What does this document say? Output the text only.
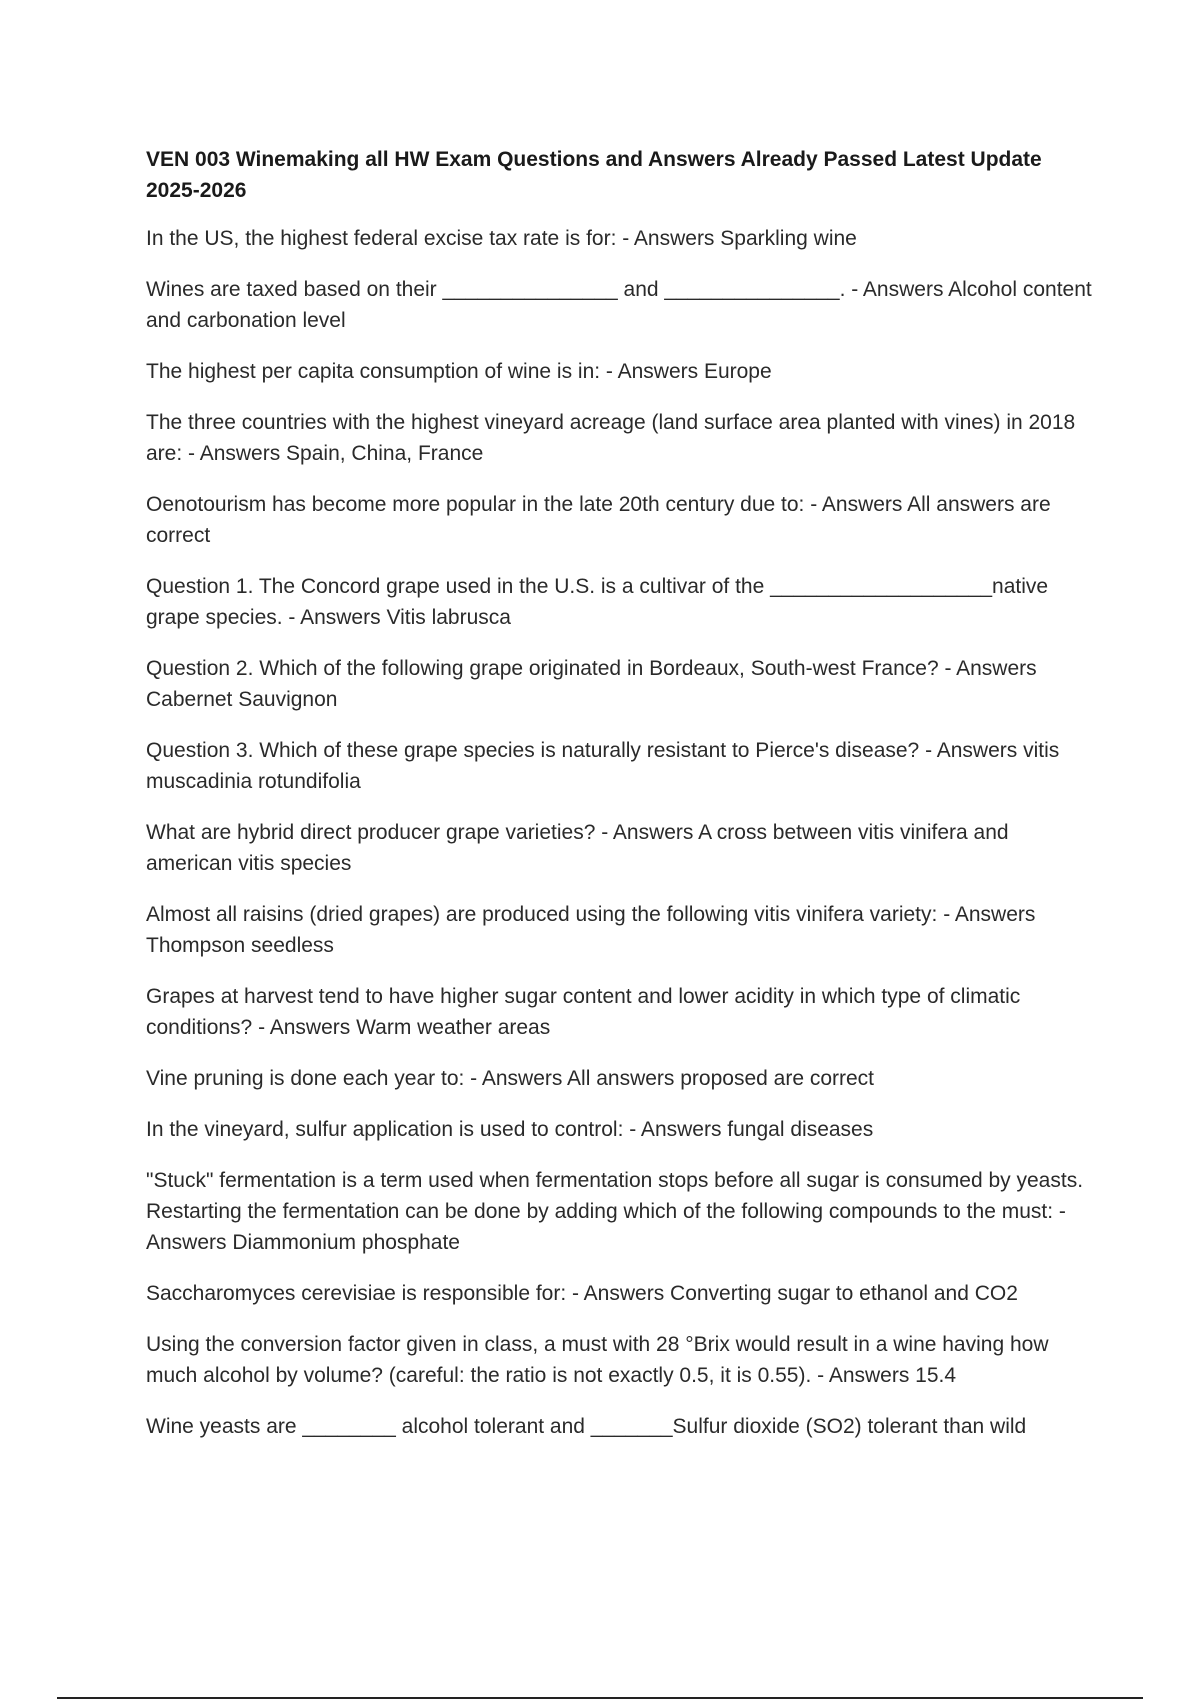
VEN 003 Winemaking all HW Exam Questions and Answers Already Passed Latest Update 2025-2026

In the US, the highest federal excise tax rate is for: - Answers Sparkling wine

Wines are taxed based on their _______________ and _______________. - Answers Alcohol content and carbonation level

The highest per capita consumption of wine is in: - Answers Europe

The three countries with the highest vineyard acreage (land surface area planted with vines) in 2018 are: - Answers Spain, China, France

Oenotourism has become more popular in the late 20th century due to: - Answers All answers are correct

Question 1. The Concord grape used in the U.S. is a cultivar of the ___________________native grape species. - Answers Vitis labrusca

Question 2. Which of the following grape originated in Bordeaux, South-west France? - Answers Cabernet Sauvignon

Question 3. Which of these grape species is naturally resistant to Pierce's disease? - Answers vitis muscadinia rotundifolia

What are hybrid direct producer grape varieties? - Answers A cross between vitis vinifera and american vitis species

Almost all raisins (dried grapes) are produced using the following vitis vinifera variety: - Answers Thompson seedless

Grapes at harvest tend to have higher sugar content and lower acidity in which type of climatic conditions? - Answers Warm weather areas

Vine pruning is done each year to: - Answers All answers proposed are correct

In the vineyard, sulfur application is used to control: - Answers fungal diseases

"Stuck" fermentation is a term used when fermentation stops before all sugar is consumed by yeasts. Restarting the fermentation can be done by adding which of the following compounds to the must: - Answers Diammonium phosphate

Saccharomyces cerevisiae is responsible for: - Answers Converting sugar to ethanol and CO2

Using the conversion factor given in class, a must with 28 °Brix would result in a wine having how much alcohol by volume? (careful: the ratio is not exactly 0.5, it is 0.55). - Answers 15.4

Wine yeasts are ________ alcohol tolerant and _______Sulfur dioxide (SO2) tolerant than wild
